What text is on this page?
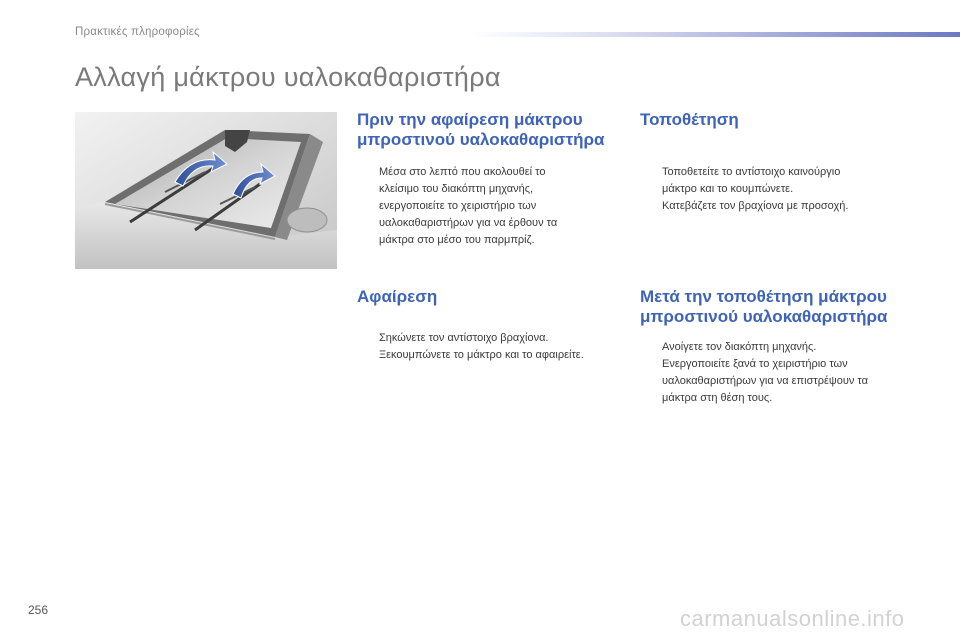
Πρακτικές πληροφορίες
Αλλαγή μάκτρου υαλοκαθαριστήρα
Πριν την αφαίρεση μάκτρου
μπροστινού υαλοκαθαριστήρα
Μέσα στο λεπτό που ακολουθεί το
κλείσιμο του διακόπτη μηχανής,
ενεργοποιείτε το χειριστήριο των
υαλοκαθαριστήρων για να έρθουν τα
μάκτρα στο μέσο του παρμπρίζ.
Αφαίρεση
Σηκώνετε τον αντίστοιχο βραχίονα.
Ξεκουμπώνετε το μάκτρο και το αφαιρείτε.
Τοποθέτηση
Τοποθετείτε το αντίστοιχο καινούργιο
μάκτρο και το κουμπώνετε.
Κατεβάζετε τον βραχίονα με προσοχή.
Μετά την τοποθέτηση μάκτρου
μπροστινού υαλοκαθαριστήρα
Ανοίγετε τον διακόπτη μηχανής.
Ενεργοποιείτε ξανά το χειριστήριο των
υαλοκαθαριστήρων για να επιστρέψουν τα
μάκτρα στη θέση τους.
256	carmanualsonline.info
